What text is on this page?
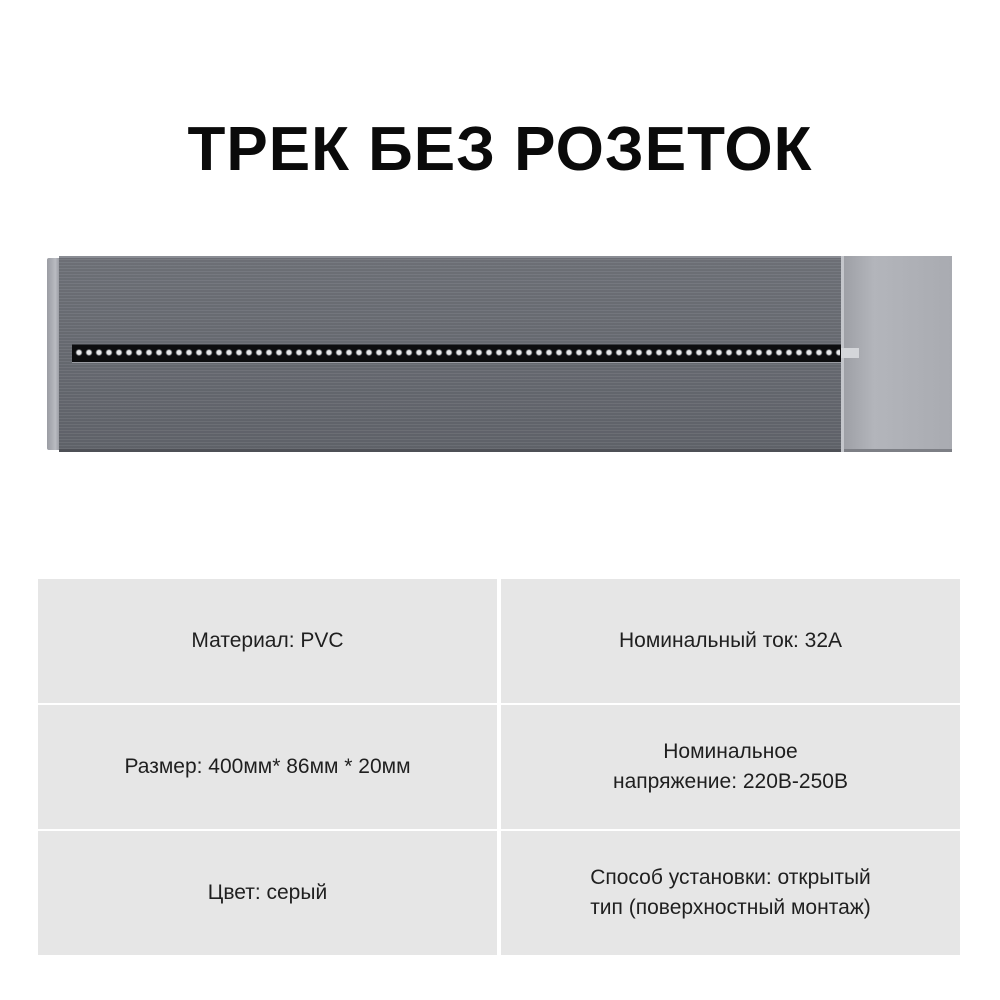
ТРЕК БЕЗ РОЗЕТОК
Материал: PVC	Номинальный ток: 32A
Размер: 400мм* 86мм * 20мм
Номинальное
напряжение: 220В-250В
Цвет: серый
Способ установки: открытый
тип (поверхностный монтаж)
